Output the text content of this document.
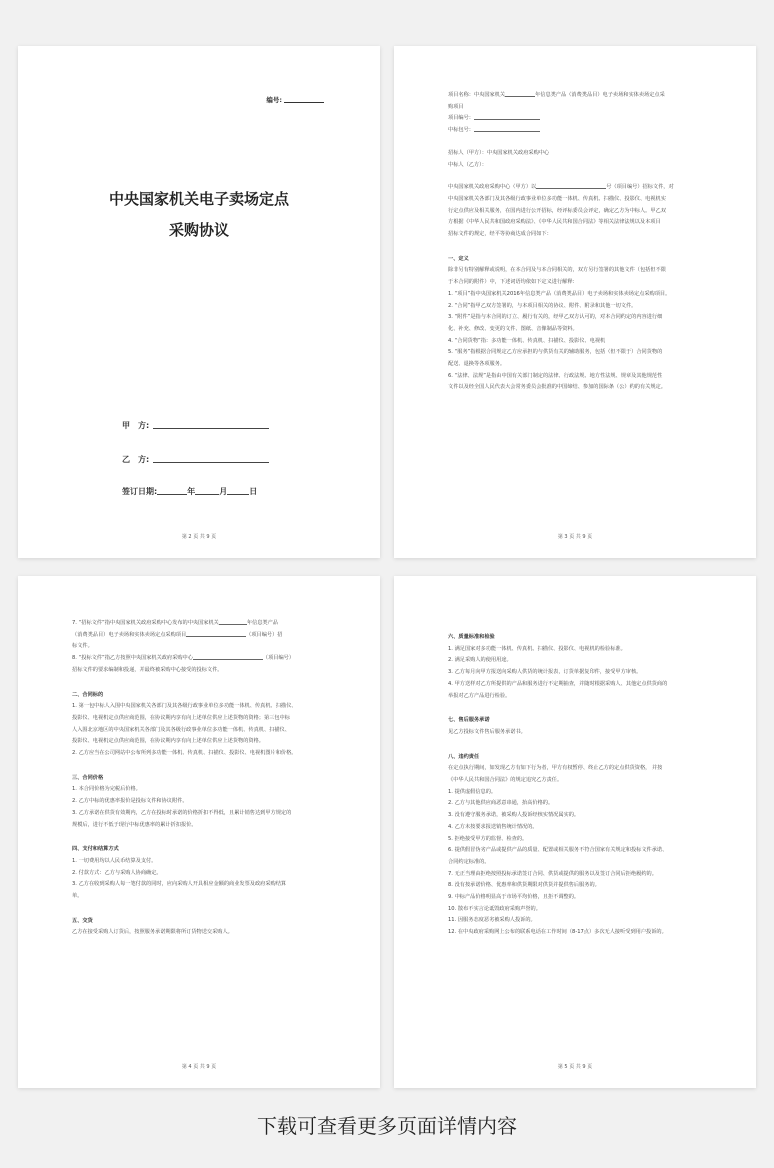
编号:
中央国家机关电子卖场定点
采购协议
甲　方:
乙　方:
签订日期:	年	月	日
第 2 页 共 9 页

项目名称：中央国家机关	年信息类产品（消费类品目）电子卖场和实体卖场定点采

购项目

项目编号：

中标包号：

招标人（甲方）：中央国家机关政府采购中心

中标人（乙方）：

中央国家机关政府采购中心（甲方）以	号（项目编号）招标文件，对

中央国家机关各部门及其各级行政事业单位多功能一体机、传真机、扫描仪、投影仪、电视机实

行定点供应及相关服务，在国内进行公开招标，经评标委员会评定，确定乙方为中标人。甲乙双

方根据《中华人民共和国政府采购法》、《中华人民共和国合同法》等相关法律法规以及本项目

招标文件的规定，经平等协商达成合同如下：

一、定义

除非另有特别解释或说明，在本合同及与本合同相关的，双方另行签署的其他文件（包括但不限

于本合同的附件）中，下述词语均依如下定义进行解释：

1. “项目”指中央国家机关2016年信息类产品（消费类品目）电子卖场和实体卖场定点采购项目。

2. “合同”指甲乙双方签署的，与本项目相关的协议、附件、附录和其他一切文件。

3. “附件”是指与本合同的订立、履行有关的，经甲乙双方认可的，对本合同约定的内容进行细

化、补充、修改、变更的文件、图纸、音像制品等资料。

4. “合同货物”指：多功能一体机、传真机、扫描仪、投影仪、电视机

5. “服务”指根据合同规定乙方应承担的与供货有关的辅助服务，包括（但不限于）合同货物的

配送、退换等各项服务。

6. “法律、法规”是指由中国有关部门制定的法律、行政法规、地方性法规、规章及其他规范性

文件以及经全国人民代表大会常务委员会批准的中国缔结、参加的国际条（公）约的有关规定。

第 3 页 共 9 页

7. “招标文件”指中央国家机关政府采购中心发布的中央国家机关	年信息类产品

（消费类品目）电子卖场和实体卖场定点采购项目	（项目编号）招

标文件。

8. “投标文件”指乙方按照中央国家机关政府采购中心	（项目编号）

招标文件的要求编制和投递，并最终被采购中心接受的投标文件。

二、合同标的

1. 第一包中标人入围中央国家机关各部门及其各级行政事业单位多功能一体机、传真机、扫描仪、

投影仪、电视机定点供应商范围，在协议期内享有向上述单位供应上述货物的资格；第三包中标

人入围北京地区的中央国家机关各部门及其各级行政事业单位多功能一体机、传真机、扫描仪、

投影仪、电视机定点供应商范围，在协议期内享有向上述单位供应上述货物的资格。

2. 乙方应当在公司网站中公布所列多功能一体机、传真机、扫描仪、投影仪、电视机图片和价格。

三、合同价格

1. 本合同价格为完税后价格。

2. 乙方中标的优惠率报价是投标文件和协议附件。

3. 乙方承诺在供货有效期内，乙方在投标时承诺的价格折扣不得低，且累计销售达到甲方规定的

规模后，进行不低于现行中标优惠率的累计折扣报价。

四、支付和结算方式

1. 一切费用均以人民币结算及支付。

2. 付款方式：乙方与采购人协商确定。

3. 乙方在收到采购人每一笔付款的同时，应向采购人开具相应金额的商业发票及政府采购结算

单。

五、交货

乙方在接受采购人订货后，按照服务承诺期限将所订货物送交采购人。

第 4 页 共 9 页

六、质量标准和检验

1. 满足国家对多功能一体机、传真机、扫描仪、投影仪、电视机的检验标准。

2. 满足采购人的使用用途。

3. 乙方每月向甲方报送向采购人供货的统计报表，订货单据复印件，接受甲方审核。

4. 甲方送样对乙方所提供的产品和服务进行不定期抽查，并随时根据采购人、其他定点供货商的

举报对乙方产品进行检验。

七、售后服务承诺

见乙方投标文件售后服务承诺书。

八、违约责任

在定点执行期间，如发现乙方有如下行为者，甲方有权暂停、终止乙方的定点供货资格， 并按

《中华人民共和国合同法》的规定追究乙方责任。

1. 提供虚假信息的。

2. 乙方与其他供应商恶意串通，抬高价格的。

3. 没有遵守服务承诺，被采购人投诉经核实情况属实的。

4. 乙方未按要求报送销售统计情况的。

5. 拒绝接受甲方的监督、检查的。

6. 提供假冒伪劣产品或提供产品的质量、配置或相关服务不符合国家有关规定和投标文件承诺、

合同约定标准的。

7. 无正当理由拒绝按照投标承诺签订合同、供货或提供的服务以及签订合同后拒绝履约的。

8. 没有按承诺价格、优惠率和供货期限对供货并提供售后服务的。

9. 中标产品价格明显高于市场平均价格，且拒不调整的。

10. 散布不实言论诋毁政府采购声誉的。

11. 因服务态度恶劣被采购人投诉的。

12. 在中央政府采购网上公布的联系电话在工作时间（8-17点）多次无人接听受到用户投诉的。

第 5 页 共 9 页
下载可查看更多页面详情内容
